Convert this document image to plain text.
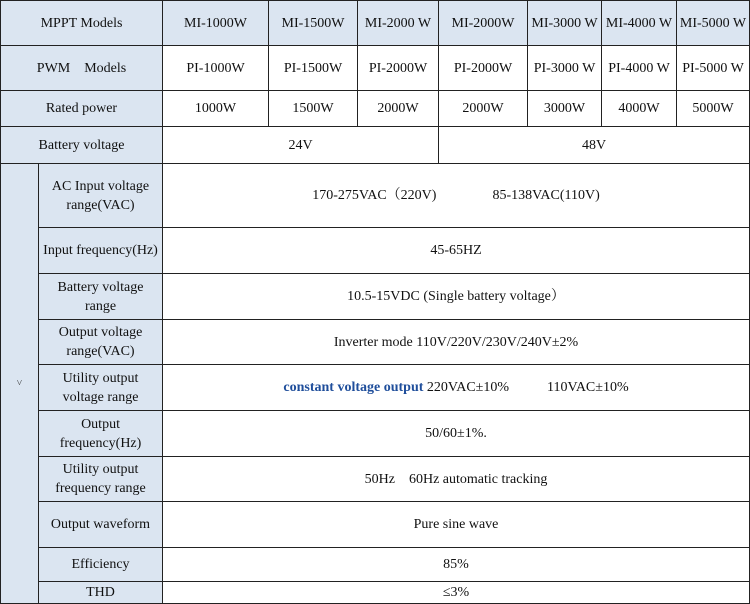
MPPT Models		MI-1000W	MI-1500W	MI-2000 W	MI-2000W	MI-3000 W	MI-4000 W	MI-5000 W
PWM　Models		PI-1000W	PI-1500W	PI-2000W	PI-2000W	PI-3000 W	PI-4000 W	PI-5000 W
Rated power		1000W	1500W	2000W	2000W	3000W	4000W	5000W
Battery voltage		24V			48V			

˅	AC Input voltage range(VAC)	170-275VAC（220V) 85-138VAC(110V)						
	Input frequency(Hz)	45-65HZ						
	Battery voltage range	10.5-15VDC (Single battery voltage）						
	Output voltage range(VAC)	Inverter mode 110V/220V/230V/240V±2%						
	Utility output voltage range	constant voltage output 220VAC±10% 110VAC±10%						
	Output frequency(Hz)	50/60±1%.						
	Utility output frequency range	50Hz 60Hz automatic tracking						
	Output waveform	Pure sine wave						
	Efficiency	85%						
	THD	≤3%						
